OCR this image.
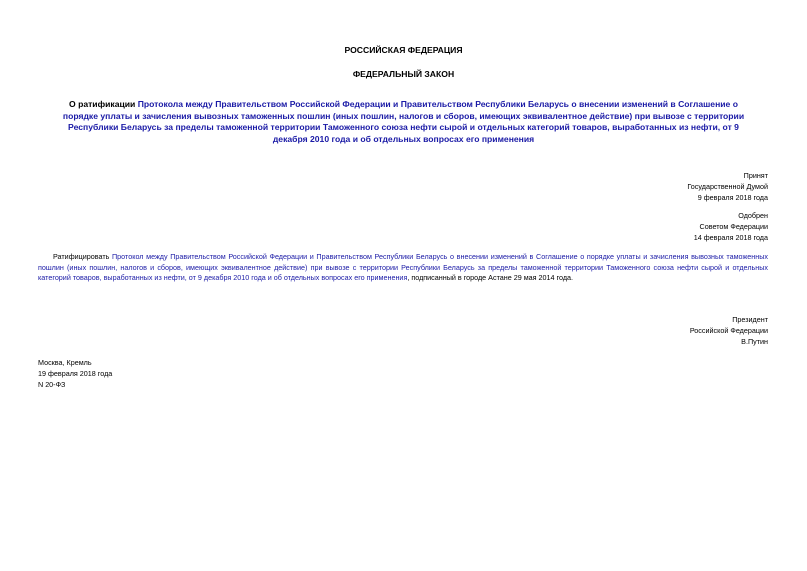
РОССИЙСКАЯ ФЕДЕРАЦИЯ
ФЕДЕРАЛЬНЫЙ ЗАКОН
О ратификации Протокола между Правительством Российской Федерации и Правительством Республики Беларусь о внесении изменений в Соглашение о порядке уплаты и зачисления вывозных таможенных пошлин (иных пошлин, налогов и сборов, имеющих эквивалентное действие) при вывозе с территории Республики Беларусь за пределы таможенной территории Таможенного союза нефти сырой и отдельных категорий товаров, выработанных из нефти, от 9 декабря 2010 года и об отдельных вопросах его применения
Принят
Государственной Думой
9 февраля 2018 года
Одобрен
Советом Федерации
14 февраля 2018 года
Ратифицировать Протокол между Правительством Российской Федерации и Правительством Республики Беларусь о внесении изменений в Соглашение о порядке уплаты и зачисления вывозных таможенных пошлин (иных пошлин, налогов и сборов, имеющих эквивалентное действие) при вывозе с территории Республики Беларусь за пределы таможенной территории Таможенного союза нефти сырой и отдельных категорий товаров, выработанных из нефти, от 9 декабря 2010 года и об отдельных вопросах его применения, подписанный в городе Астане 29 мая 2014 года.
Президент
Российской Федерации
В.Путин
Москва, Кремль
19 февраля 2018 года
N 20-ФЗ
